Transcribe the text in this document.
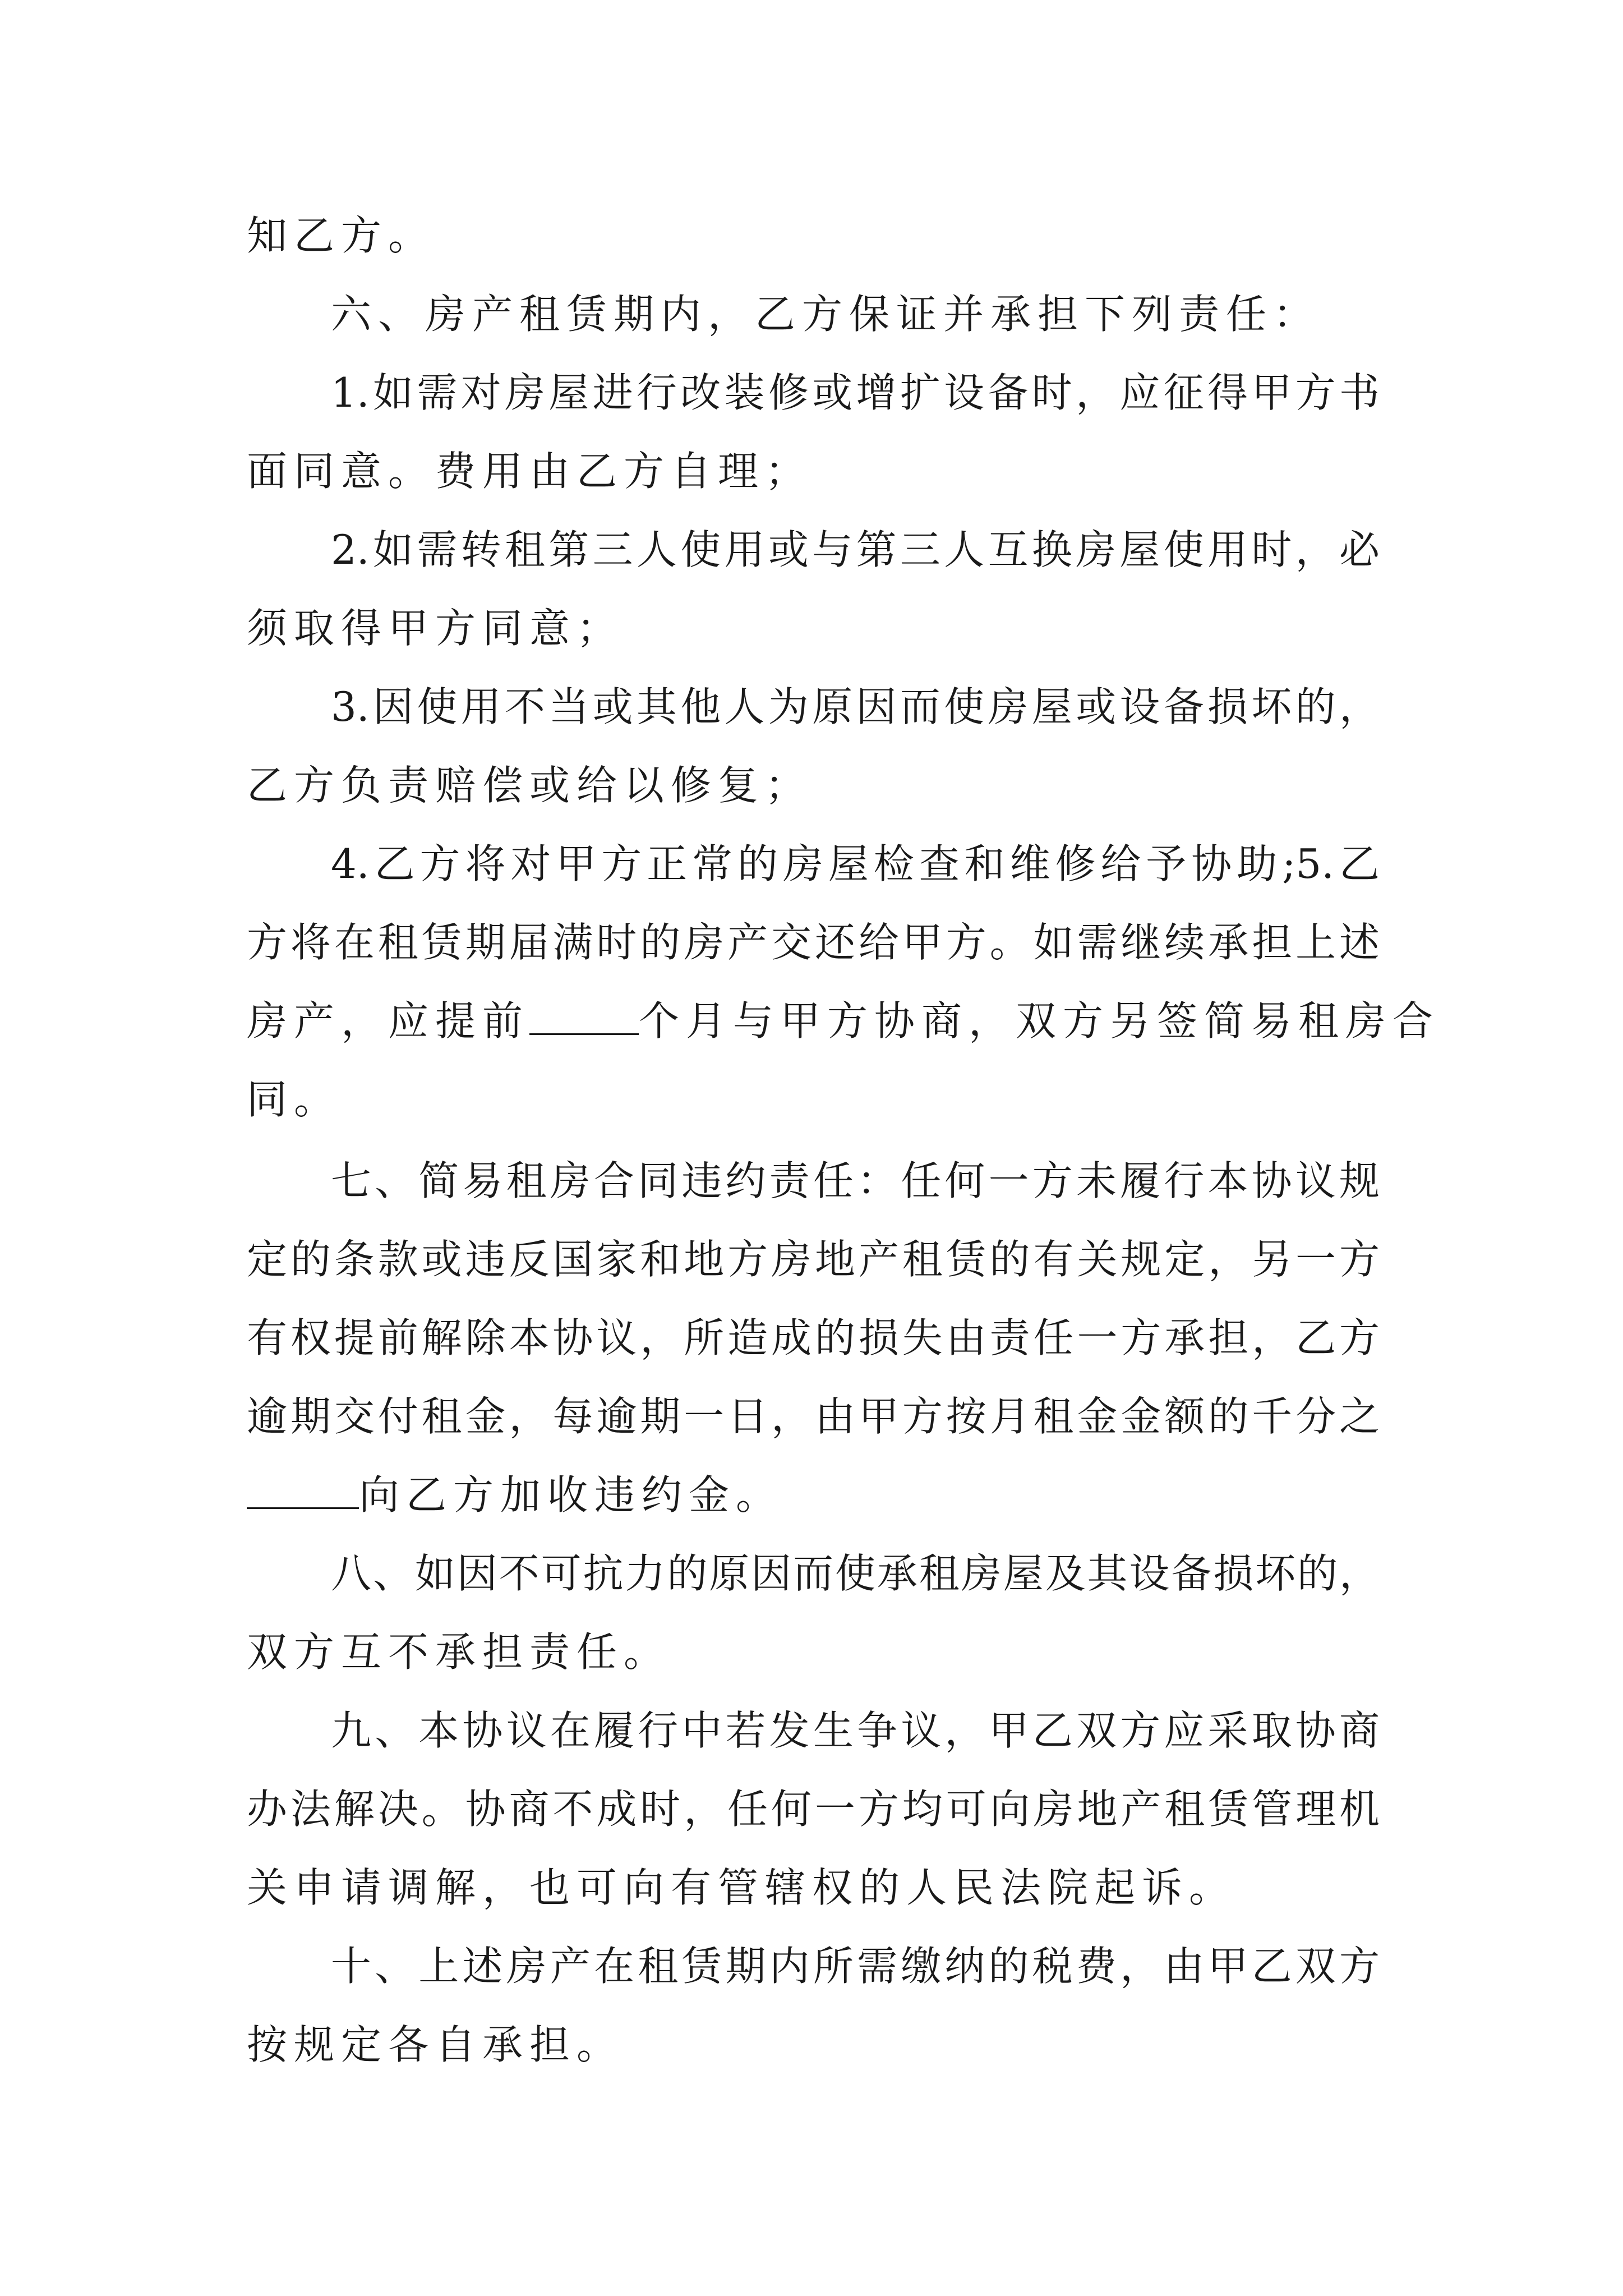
知乙方。
六、房产租赁期内，乙方保证并承担下列责任：
1.如需对房屋进行改装修或增扩设备时，应征得甲方书
面同意。费用由乙方自理；
2.如需转租第三人使用或与第三人互换房屋使用时，必
须取得甲方同意；
3.因使用不当或其他人为原因而使房屋或设备损坏的，
乙方负责赔偿或给以修复；
4.乙方将对甲方正常的房屋检查和维修给予协助;5.乙
方将在租赁期届满时的房产交还给甲方。如需继续承担上述
房产，应提前	个月与甲方协商，双方另签简易租房合
同。
七、简易租房合同违约责任：任何一方未履行本协议规
定的条款或违反国家和地方房地产租赁的有关规定，另一方
有权提前解除本协议，所造成的损失由责任一方承担，乙方
逾期交付租金，每逾期一日，由甲方按月租金金额的千分之
向乙方加收违约金。
八、如因不可抗力的原因而使承租房屋及其设备损坏的，
双方互不承担责任。
九、本协议在履行中若发生争议，甲乙双方应采取协商
办法解决。协商不成时，任何一方均可向房地产租赁管理机
关申请调解，也可向有管辖权的人民法院起诉。
十、上述房产在租赁期内所需缴纳的税费，由甲乙双方
按规定各自承担。
